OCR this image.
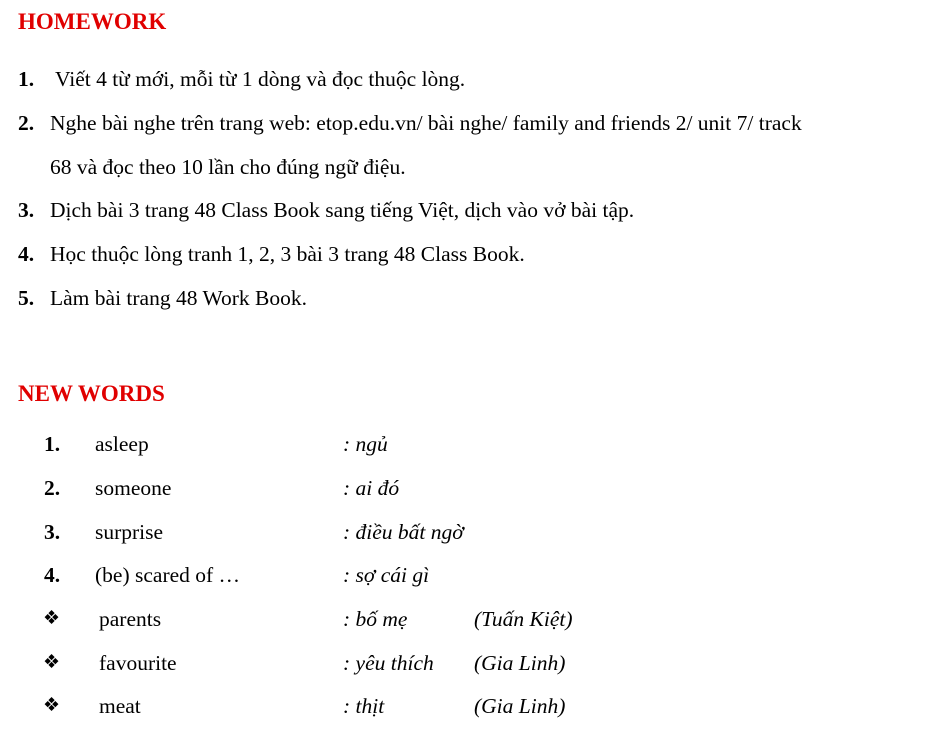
HOMEWORK
1. Viết 4 từ mới, mỗi từ 1 dòng và đọc thuộc lòng.
2. Nghe bài nghe trên trang web: etop.edu.vn/ bài nghe/ family and friends 2/ unit 7/ track
68 và đọc theo 10 lần cho đúng ngữ điệu.
3. Dịch bài 3 trang 48 Class Book sang tiếng Việt, dịch vào vở bài tập.
4. Học thuộc lòng tranh 1, 2, 3 bài 3 trang 48 Class Book.
5. Làm bài trang 48 Work Book.
NEW WORDS
1. asleep	: ngủ
2. someone	: ai đó
3. surprise	: điều bất ngờ
4. (be) scared of …	: sợ cái gì
❖ parents	: bố mẹ	(Tuấn Kiệt)
❖ favourite	: yêu thích (Gia Linh)
❖ meat	: thịt	(Gia Linh)
